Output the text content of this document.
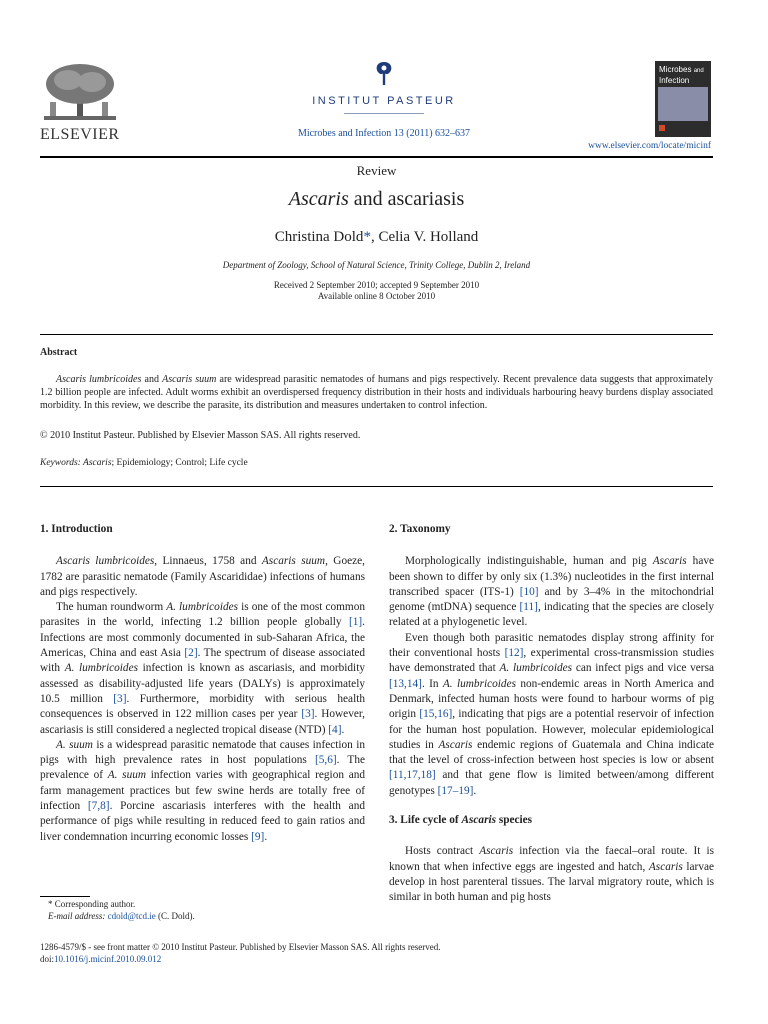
ELSEVIER
INSTITUT PASTEUR
Microbes and Infection 13 (2011) 632–637
Microbes and
Infection
www.elsevier.com/locate/micinf
Review
Ascaris and ascariasis
Christina Dold*, Celia V. Holland
Department of Zoology, School of Natural Science, Trinity College, Dublin 2, Ireland
Received 2 September 2010; accepted 9 September 2010
Available online 8 October 2010
Abstract
Ascaris lumbricoides and Ascaris suum are widespread parasitic nematodes of humans and pigs respectively. Recent prevalence data suggests that approximately 1.2 billion people are infected. Adult worms exhibit an overdispersed frequency distribution in their hosts and individuals harbouring heavy burdens display associated morbidity. In this review, we describe the parasite, its distribution and measures undertaken to control infection.
© 2010 Institut Pasteur. Published by Elsevier Masson SAS. All rights reserved.
Keywords: Ascaris; Epidemiology; Control; Life cycle
1. Introduction

Ascaris lumbricoides, Linnaeus, 1758 and Ascaris suum, Goeze, 1782 are parasitic nematode (Family Ascarididae) infections of humans and pigs respectively.

The human roundworm A. lumbricoides is one of the most common parasites in the world, infecting 1.2 billion people globally [1]. Infections are most commonly documented in sub-Saharan Africa, the Americas, China and east Asia [2]. The spectrum of disease associated with A. lumbricoides infection is known as ascariasis, and morbidity assessed as disability-adjusted life years (DALYs) is approximately 10.5 million [3]. Furthermore, morbidity with serious health consequences is observed in 122 million cases per year [3]. However, ascariasis is still considered a neglected tropical disease (NTD) [4].

A. suum is a widespread parasitic nematode that causes infection in pigs with high prevalence rates in host populations [5,6]. The prevalence of A. suum infection varies with geographical region and farm management practices but few swine herds are totally free of infection [7,8]. Porcine ascariasis interferes with the health and performance of pigs while resulting in reduced feed to gain ratios and liver condemnation incurring economic losses [9].

2. Taxonomy

Morphologically indistinguishable, human and pig Ascaris have been shown to differ by only six (1.3%) nucleotides in the first internal transcribed spacer (ITS-1) [10] and by 3–4% in the mitochondrial genome (mtDNA) sequence [11], indicating that the species are closely related at a phylogenetic level.

Even though both parasitic nematodes display strong affinity for their conventional hosts [12], experimental cross-transmission studies have demonstrated that A. lumbricoides can infect pigs and vice versa [13,14]. In A. lumbricoides non-endemic areas in North America and Denmark, infected human hosts were found to harbour worms of pig origin [15,16], indicating that pigs are a potential reservoir of infection for the human host population. However, molecular epidemiological studies in Ascaris endemic regions of Guatemala and China indicate that the level of cross-infection between host species is low or absent [11,17,18] and that gene flow is limited between/among different genotypes [17–19].

3. Life cycle of Ascaris species

Hosts contract Ascaris infection via the faecal–oral route. It is known that when infective eggs are ingested and hatch, Ascaris larvae develop in host parenteral tissues. The larval migratory route, which is similar in both human and pig hosts

* Corresponding author.
E-mail address: cdold@tcd.ie (C. Dold).
1286-4579/$ - see front matter © 2010 Institut Pasteur. Published by Elsevier Masson SAS. All rights reserved.
doi:10.1016/j.micinf.2010.09.012
